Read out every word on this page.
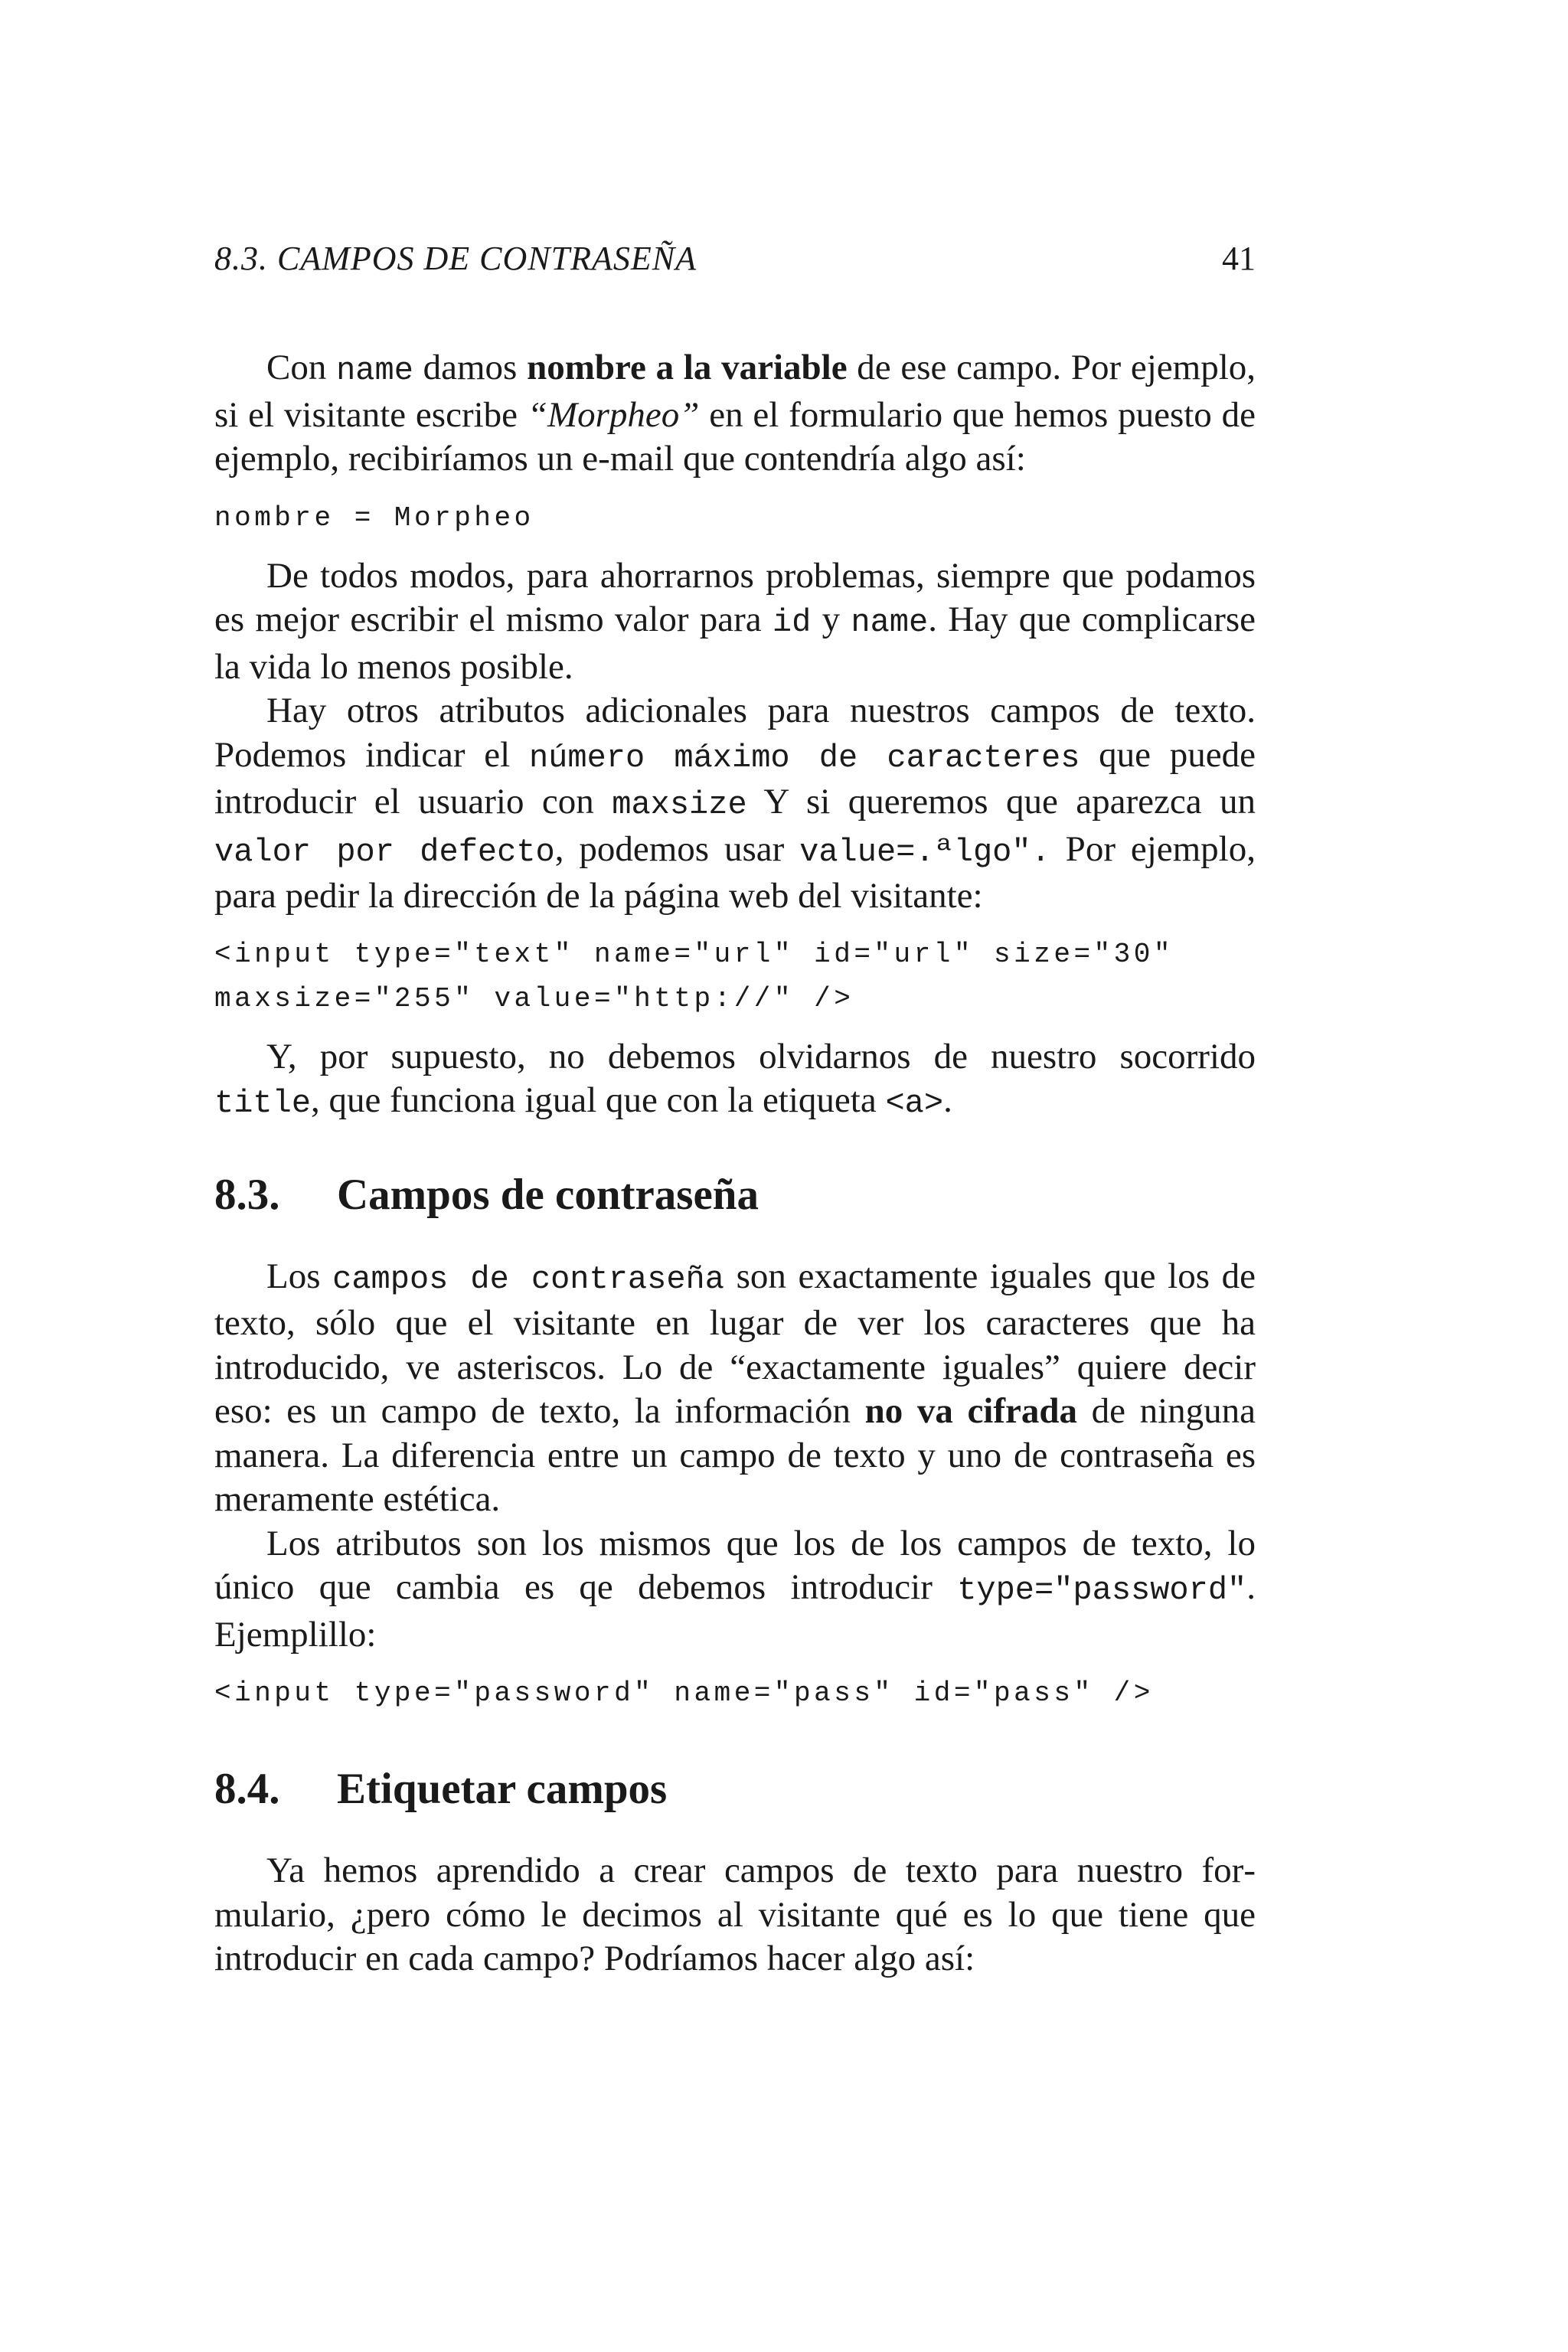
8.3. CAMPOS DE CONTRASEÑA	41

Con name damos nombre a la variable de ese campo. Por ejemplo, si el visitante escribe “Morpheo” en el formulario que hemos puesto de ejemplo, recibiríamos un e-mail que contendría algo así:

nombre = Morpheo

De todos modos, para ahorrarnos problemas, siempre que podamos es mejor escribir el mismo valor para id y name. Hay que complicarse la vida lo menos posible.

Hay otros atributos adicionales para nuestros campos de texto. Podemos indicar el número máximo de caracteres que puede introducir el usuario con maxsize Y si queremos que aparezca un valor por defecto, podemos usar value=.ªlgo". Por ejemplo, para pedir la dirección de la página web del visitante:

<input type="text" name="url" id="url" size="30"
maxsize="255" value="http://" />

Y, por supuesto, no debemos olvidarnos de nuestro socorrido title, que funciona igual que con la etiqueta <a>.

8.3. Campos de contraseña

Los campos de contraseña son exactamente iguales que los de texto, sólo que el visitante en lugar de ver los caracteres que ha introducido, ve asteriscos. Lo de “exactamente iguales” quiere decir eso: es un campo de texto, la información no va cifrada de ninguna manera. La diferencia entre un campo de texto y uno de contraseña es meramente estética.

Los atributos son los mismos que los de los campos de texto, lo único que cambia es qe debemos introducir type="password". Ejemplillo:

<input type="password" name="pass" id="pass" />
8.4. Etiquetar campos

Ya hemos aprendido a crear campos de texto para nuestro formulario, ¿pero cómo le decimos al visitante qué es lo que tiene que introducir en cada campo? Podríamos hacer algo así:
